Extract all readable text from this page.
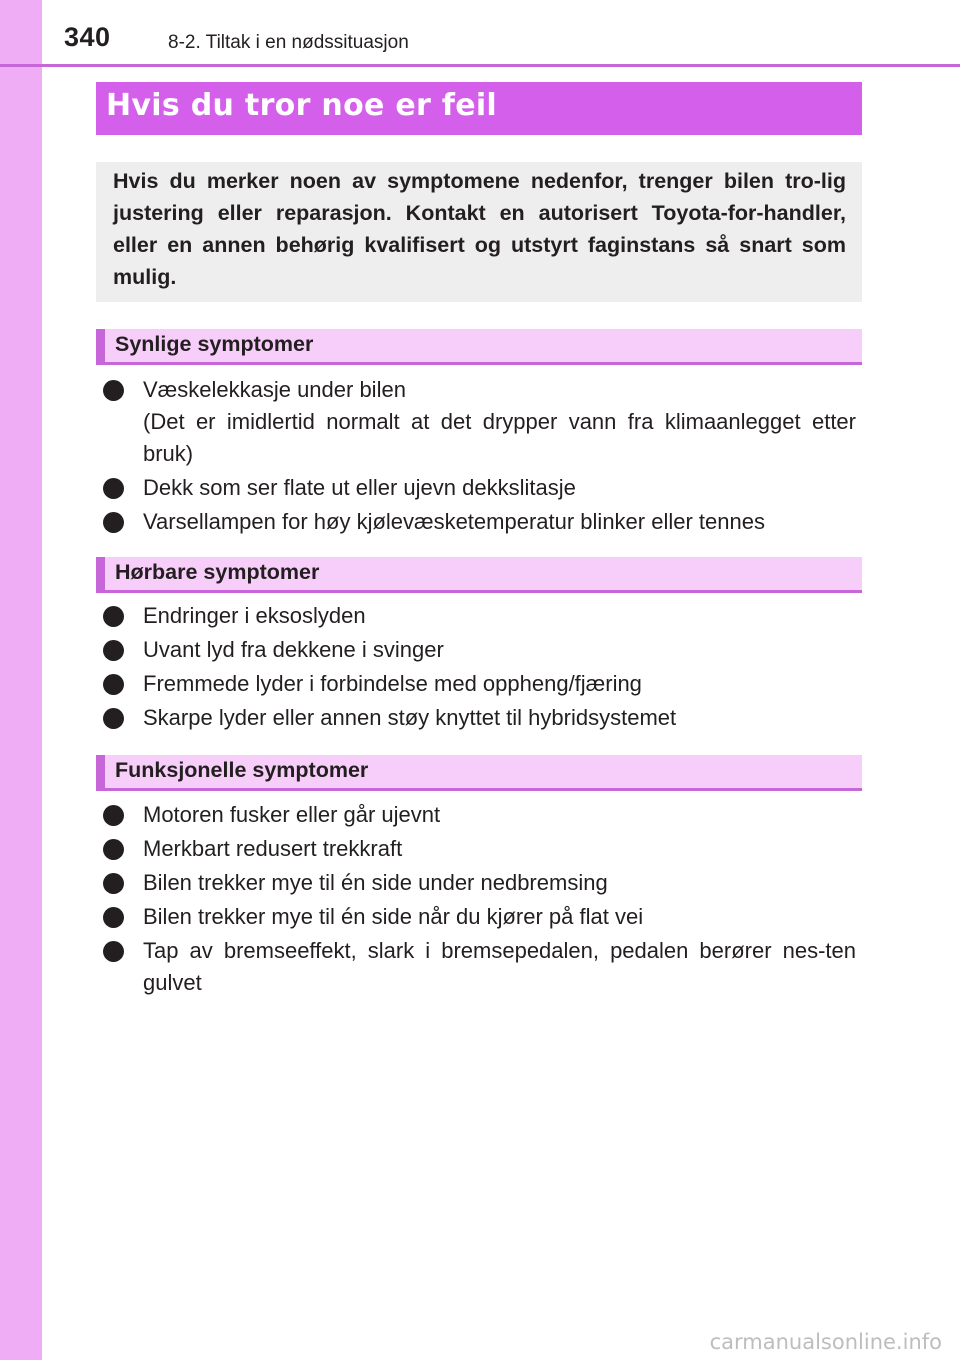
340	8-2. Tiltak i en nødssituasjon
Hvis du tror noe er feil
Hvis du merker noen av symptomene nedenfor, trenger bilen tro-lig justering eller reparasjon. Kontakt en autorisert Toyota-for-handler, eller en annen behørig kvalifisert og utstyrt faginstans så snart som mulig.
Synlige symptomer
Væskelekkasje under bilen
(Det er imidlertid normalt at det drypper vann fra klimaanlegget etter bruk)
Dekk som ser flate ut eller ujevn dekkslitasje
Varsellampen for høy kjølevæsketemperatur blinker eller tennes
Hørbare symptomer
Endringer i eksoslyden
Uvant lyd fra dekkene i svinger
Fremmede lyder i forbindelse med oppheng/fjæring
Skarpe lyder eller annen støy knyttet til hybridsystemet
Funksjonelle symptomer
Motoren fusker eller går ujevnt
Merkbart redusert trekkraft
Bilen trekker mye til én side under nedbremsing
Bilen trekker mye til én side når du kjører på flat vei
Tap av bremseeffekt, slark i bremsepedalen, pedalen berører nes-ten gulvet
carmanualsonline.info
